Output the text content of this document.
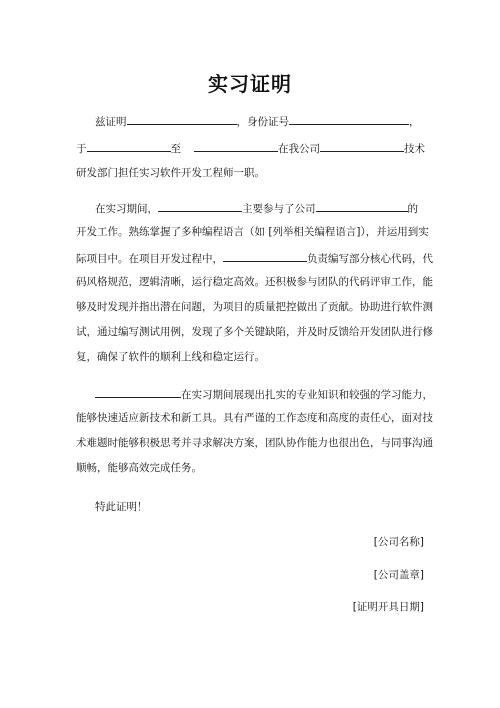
实习证明
兹证明	，身份证号	，
于	至	在我公司	技术
研发部门担任实习软件开发工程师一职。
在实习期间，	主要参与了公司	的
开发工作。熟练掌握了多种编程语言（如 [列举相关编程语言]），并运用到实
际项目中。在项目开发过程中，	负责编写部分核心代码，代
码风格规范，逻辑清晰，运行稳定高效。还积极参与团队的代码评审工作，能
够及时发现并指出潜在问题，为项目的质量把控做出了贡献。协助进行软件测
试，通过编写测试用例，发现了多个关键缺陷，并及时反馈给开发团队进行修
复，确保了软件的顺利上线和稳定运行。
在实习期间展现出扎实的专业知识和较强的学习能力，
能够快速适应新技术和新工具。具有严谨的工作态度和高度的责任心，面对技
术难题时能够积极思考并寻求解决方案，团队协作能力也很出色，与同事沟通
顺畅，能够高效完成任务。
特此证明！
[公司名称]
[公司盖章]
[证明开具日期]
